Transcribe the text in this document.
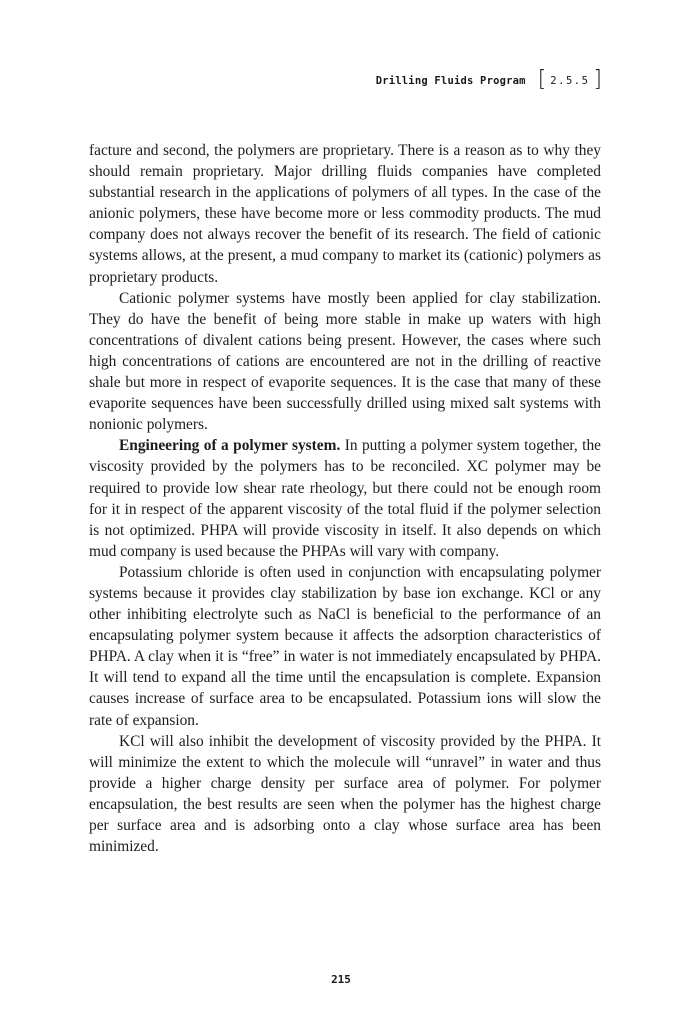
Drilling Fluids Program [ 2.5.5 ]

facture and second, the polymers are proprietary. There is a reason as to why they should remain proprietary. Major drilling fluids companies have completed substantial research in the applications of polymers of all types. In the case of the anionic polymers, these have become more or less commodity products. The mud company does not always recover the benefit of its research. The field of cationic systems allows, at the present, a mud company to market its (cationic) polymers as proprietary products.

Cationic polymer systems have mostly been applied for clay stabilization. They do have the benefit of being more stable in make up waters with high concentrations of divalent cations being present. However, the cases where such high concentrations of cations are encountered are not in the drilling of reactive shale but more in respect of evaporite sequences. It is the case that many of these evaporite sequences have been successfully drilled using mixed salt systems with nonionic polymers.

Engineering of a polymer system. In putting a polymer system together, the viscosity provided by the polymers has to be reconciled. XC polymer may be required to provide low shear rate rheology, but there could not be enough room for it in respect of the apparent viscosity of the total fluid if the polymer selection is not optimized. PHPA will provide viscosity in itself. It also depends on which mud company is used because the PHPAs will vary with company.

Potassium chloride is often used in conjunction with encapsulating polymer systems because it provides clay stabilization by base ion exchange. KCl or any other inhibiting electrolyte such as NaCl is beneficial to the performance of an encapsulating polymer system because it affects the adsorption characteristics of PHPA. A clay when it is “free” in water is not immediately encapsulated by PHPA. It will tend to expand all the time until the encapsulation is complete. Expansion causes increase of surface area to be encapsulated. Potassium ions will slow the rate of expansion.

KCl will also inhibit the development of viscosity provided by the PHPA. It will minimize the extent to which the molecule will “unravel” in water and thus provide a higher charge density per surface area of polymer. For polymer encapsulation, the best results are seen when the polymer has the highest charge per surface area and is adsorbing onto a clay whose surface area has been minimized.

215
